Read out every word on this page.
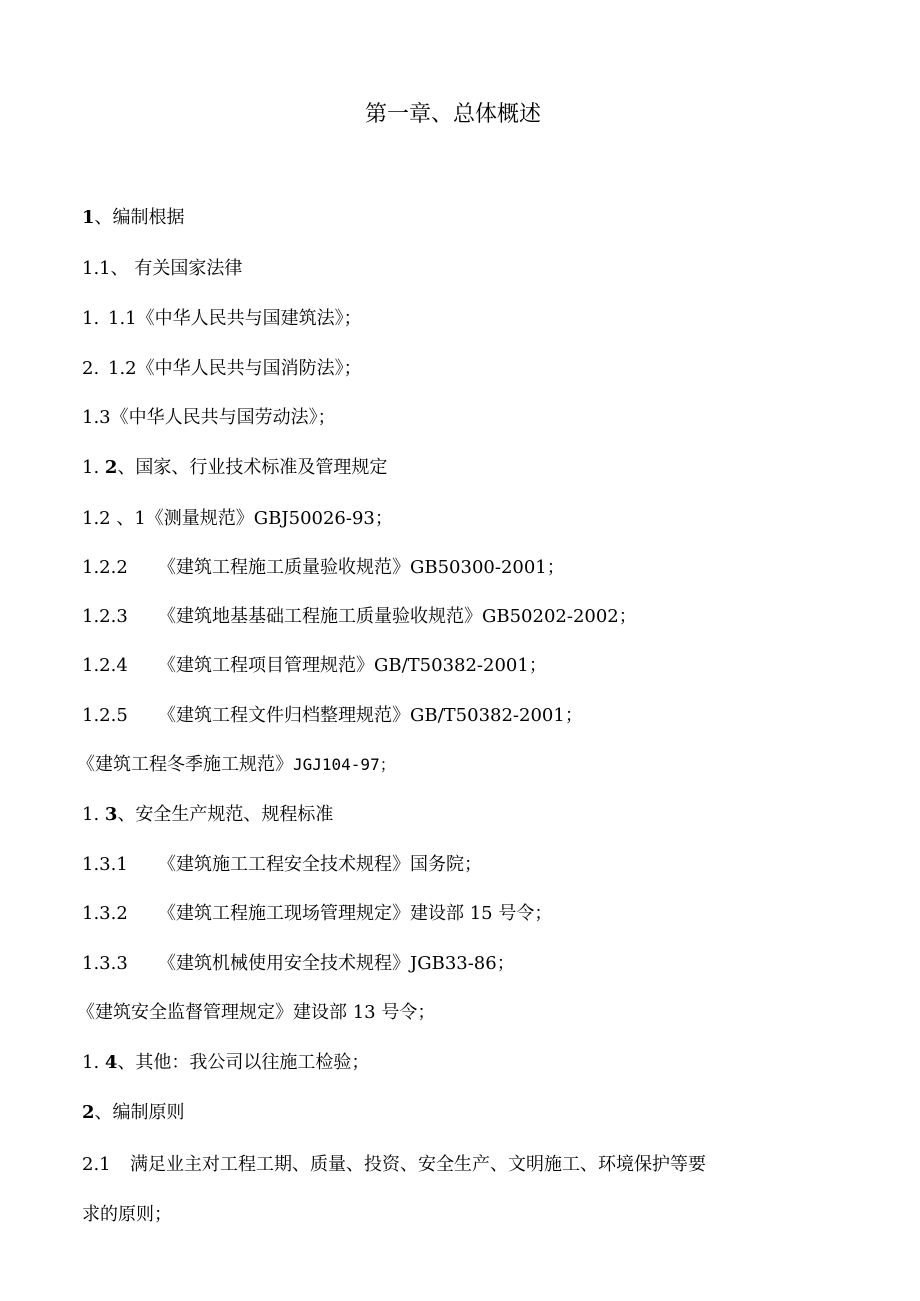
第一章、总体概述
1、编制根据
1.1、 有关国家法律
1. 1.1《中华人民共与国建筑法》；
2. 1.2《中华人民共与国消防法》；
1.3《中华人民共与国劳动法》；
1. 2、国家、行业技术标准及管理规定
1.2 、1《测量规范》GBJ50026-93；
1.2.2 《建筑工程施工质量验收规范》GB50300-2001；
1.2.3 《建筑地基基础工程施工质量验收规范》GB50202-2002；
1.2.4 《建筑工程项目管理规范》GB/T50382-2001；
1.2.5 《建筑工程文件归档整理规范》GB/T50382-2001；
《建筑工程冬季施工规范》JGJ104-97；
1. 3、安全生产规范、规程标准
1.3.1 《建筑施工工程安全技术规程》国务院；
1.3.2 《建筑工程施工现场管理规定》建设部 15 号令；
1.3.3 《建筑机械使用安全技术规程》JGB33-86；
《建筑安全监督管理规定》建设部 13 号令；
1. 4、其他：我公司以往施工检验；
2、编制原则
2.1 满足业主对工程工期、质量、投资、安全生产、文明施工、环境保护等要
求的原则；
